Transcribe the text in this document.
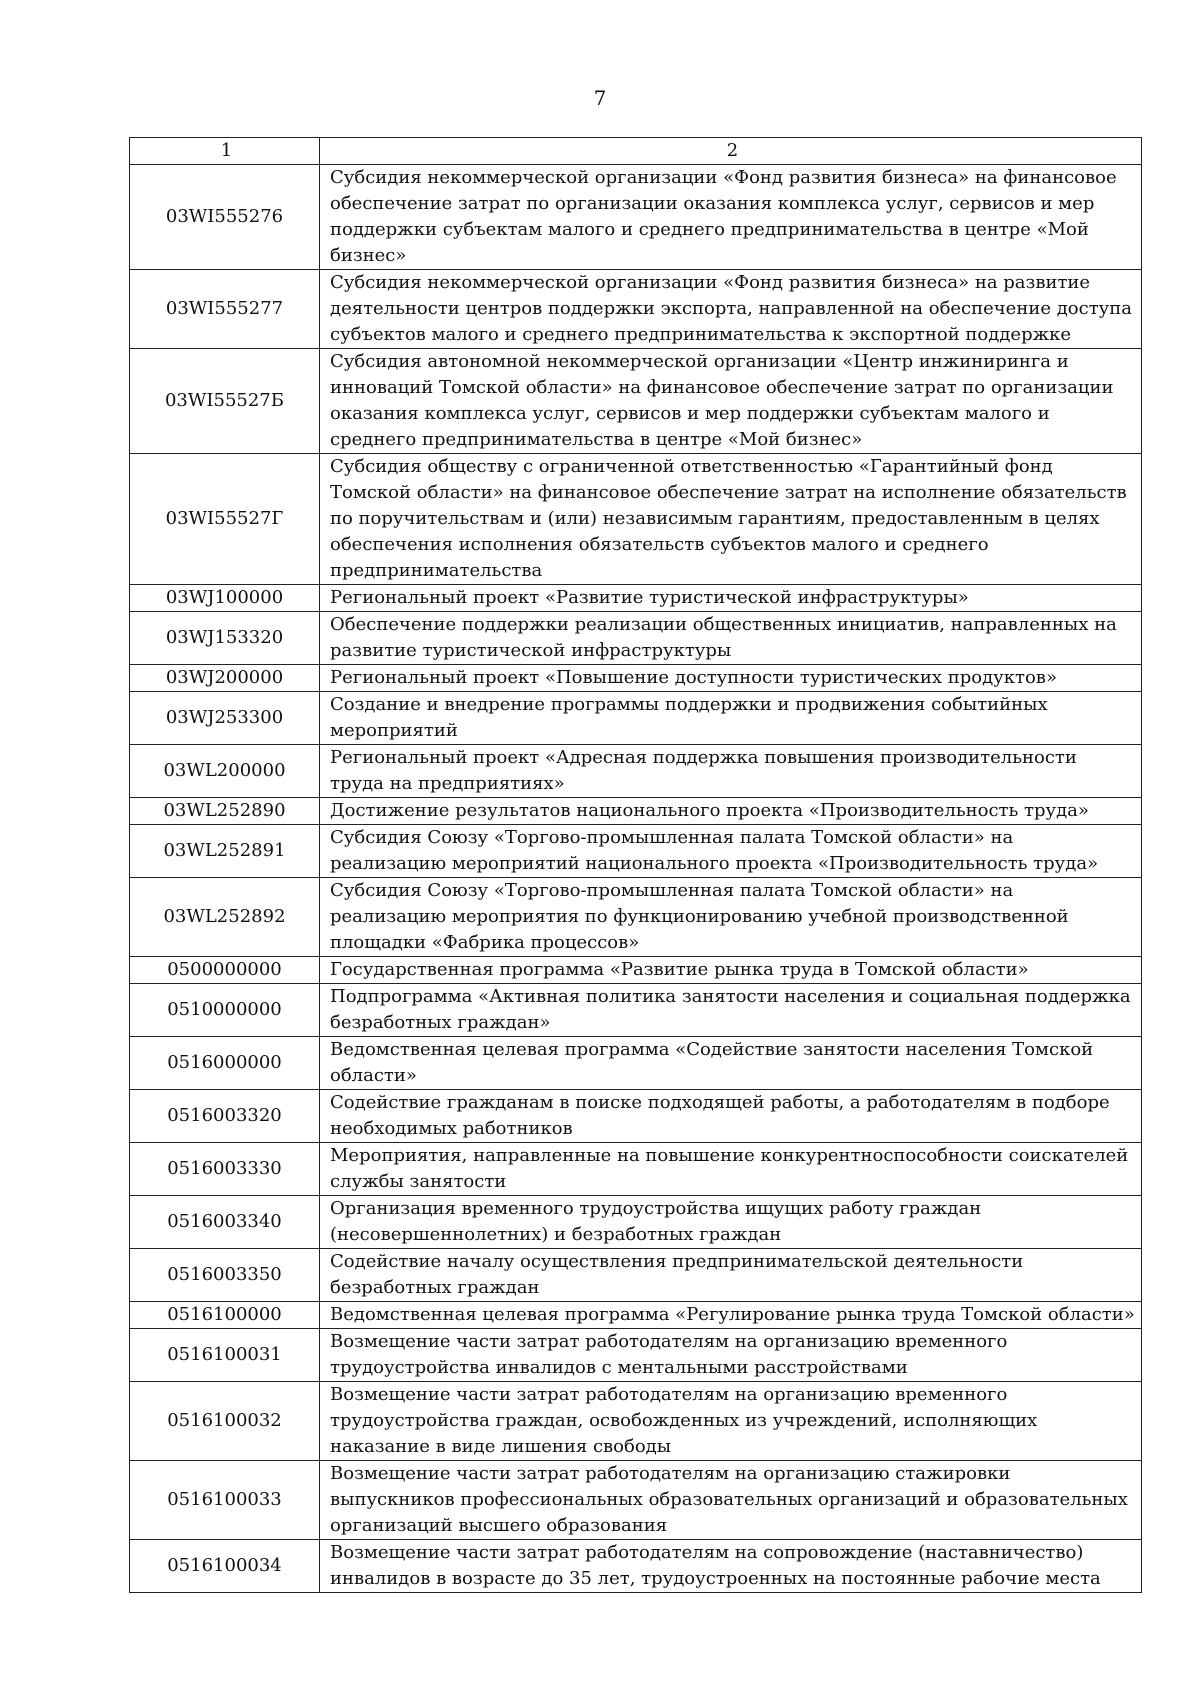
7
1	2
03WI555276	Субсидия некоммерческой организации «Фонд развития бизнеса» на финансовое обеспечение затрат по организации оказания комплекса услуг, сервисов и мер поддержки субъектам малого и среднего предпринимательства в центре «Мой бизнес»
03WI555277	Субсидия некоммерческой организации «Фонд развития бизнеса» на развитие деятельности центров поддержки экспорта, направленной на обеспечение доступа субъектов малого и среднего предпринимательства к экспортной поддержке
03WI55527Б	Субсидия автономной некоммерческой организации «Центр инжиниринга и инноваций Томской области» на финансовое обеспечение затрат по организации оказания комплекса услуг, сервисов и мер поддержки субъектам малого и среднего предпринимательства в центре «Мой бизнес»
03WI55527Г	Субсидия обществу с ограниченной ответственностью «Гарантийный фонд Томской области» на финансовое обеспечение затрат на исполнение обязательств по поручительствам и (или) независимым гарантиям, предоставленным в целях обеспечения исполнения обязательств субъектов малого и среднего предпринимательства
03WJ100000	Региональный проект «Развитие туристической инфраструктуры»
03WJ153320	Обеспечение поддержки реализации общественных инициатив, направленных на развитие туристической инфраструктуры
03WJ200000	Региональный проект «Повышение доступности туристических продуктов»
03WJ253300	Создание и внедрение программы поддержки и продвижения событийных мероприятий
03WL200000	Региональный проект «Адресная поддержка повышения производительности труда на предприятиях»
03WL252890	Достижение результатов национального проекта «Производительность труда»
03WL252891	Субсидия Союзу «Торгово-промышленная палата Томской области» на реализацию мероприятий национального проекта «Производительность труда»
03WL252892	Субсидия Союзу «Торгово-промышленная палата Томской области» на реализацию мероприятия по функционированию учебной производственной площадки «Фабрика процессов»
0500000000	Государственная программа «Развитие рынка труда в Томской области»
0510000000	Подпрограмма «Активная политика занятости населения и социальная поддержка безработных граждан»
0516000000	Ведомственная целевая программа «Содействие занятости населения Томской области»
0516003320	Содействие гражданам в поиске подходящей работы, а работодателям в подборе необходимых работников
0516003330	Мероприятия, направленные на повышение конкурентноспособности соискателей службы занятости
0516003340	Организация временного трудоустройства ищущих работу граждан (несовершеннолетних) и безработных граждан
0516003350	Содействие началу осуществления предпринимательской деятельности безработных граждан
0516100000	Ведомственная целевая программа «Регулирование рынка труда Томской области»
0516100031	Возмещение части затрат работодателям на организацию временного трудоустройства инвалидов с ментальными расстройствами
0516100032	Возмещение части затрат работодателям на организацию временного трудоустройства граждан, освобожденных из учреждений, исполняющих наказание в виде лишения свободы
0516100033	Возмещение части затрат работодателям на организацию стажировки выпускников профессиональных образовательных организаций и образовательных организаций высшего образования
0516100034	Возмещение части затрат работодателям на сопровождение (наставничество) инвалидов в возрасте до 35 лет, трудоустроенных на постоянные рабочие места
